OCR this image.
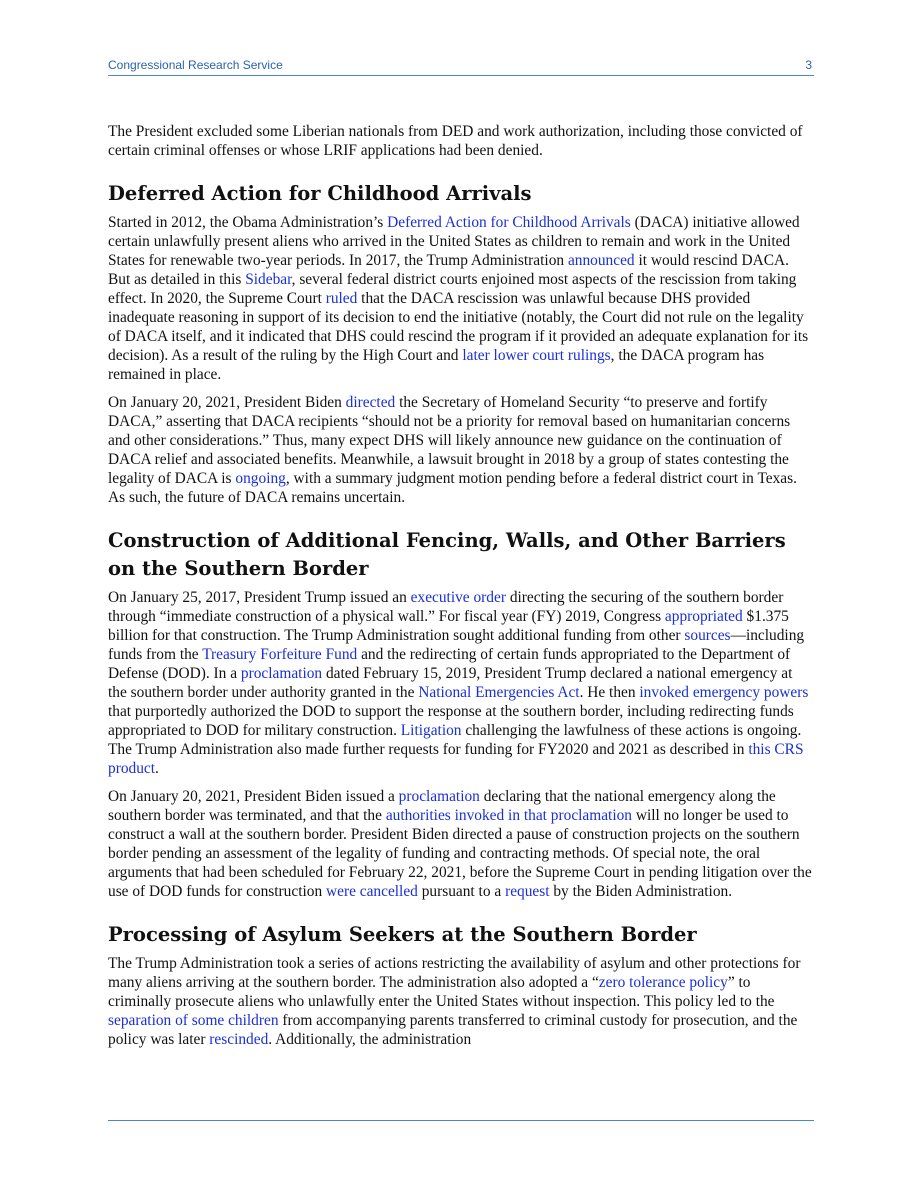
Congressional Research Service	3

The President excluded some Liberian nationals from DED and work authorization, including those convicted of certain criminal offenses or whose LRIF applications had been denied.

Deferred Action for Childhood Arrivals

Started in 2012, the Obama Administration’s Deferred Action for Childhood Arrivals (DACA) initiative allowed certain unlawfully present aliens who arrived in the United States as children to remain and work in the United States for renewable two-year periods. In 2017, the Trump Administration announced it would rescind DACA. But as detailed in this Sidebar, several federal district courts enjoined most aspects of the rescission from taking effect. In 2020, the Supreme Court ruled that the DACA rescission was unlawful because DHS provided inadequate reasoning in support of its decision to end the initiative (notably, the Court did not rule on the legality of DACA itself, and it indicated that DHS could rescind the program if it provided an adequate explanation for its decision). As a result of the ruling by the High Court and later lower court rulings, the DACA program has remained in place.

On January 20, 2021, President Biden directed the Secretary of Homeland Security “to preserve and fortify DACA,” asserting that DACA recipients “should not be a priority for removal based on humanitarian concerns and other considerations.” Thus, many expect DHS will likely announce new guidance on the continuation of DACA relief and associated benefits. Meanwhile, a lawsuit brought in 2018 by a group of states contesting the legality of DACA is ongoing, with a summary judgment motion pending before a federal district court in Texas. As such, the future of DACA remains uncertain.

Construction of Additional Fencing, Walls, and Other Barriers on the Southern Border

On January 25, 2017, President Trump issued an executive order directing the securing of the southern border through “immediate construction of a physical wall.” For fiscal year (FY) 2019, Congress appropriated $1.375 billion for that construction. The Trump Administration sought additional funding from other sources—including funds from the Treasury Forfeiture Fund and the redirecting of certain funds appropriated to the Department of Defense (DOD). In a proclamation dated February 15, 2019, President Trump declared a national emergency at the southern border under authority granted in the National Emergencies Act. He then invoked emergency powers that purportedly authorized the DOD to support the response at the southern border, including redirecting funds appropriated to DOD for military construction. Litigation challenging the lawfulness of these actions is ongoing. The Trump Administration also made further requests for funding for FY2020 and 2021 as described in this CRS product.

On January 20, 2021, President Biden issued a proclamation declaring that the national emergency along the southern border was terminated, and that the authorities invoked in that proclamation will no longer be used to construct a wall at the southern border. President Biden directed a pause of construction projects on the southern border pending an assessment of the legality of funding and contracting methods. Of special note, the oral arguments that had been scheduled for February 22, 2021, before the Supreme Court in pending litigation over the use of DOD funds for construction were cancelled pursuant to a request by the Biden Administration.

Processing of Asylum Seekers at the Southern Border

The Trump Administration took a series of actions restricting the availability of asylum and other protections for many aliens arriving at the southern border. The administration also adopted a “zero tolerance policy” to criminally prosecute aliens who unlawfully enter the United States without inspection. This policy led to the separation of some children from accompanying parents transferred to criminal custody for prosecution, and the policy was later rescinded. Additionally, the administration
